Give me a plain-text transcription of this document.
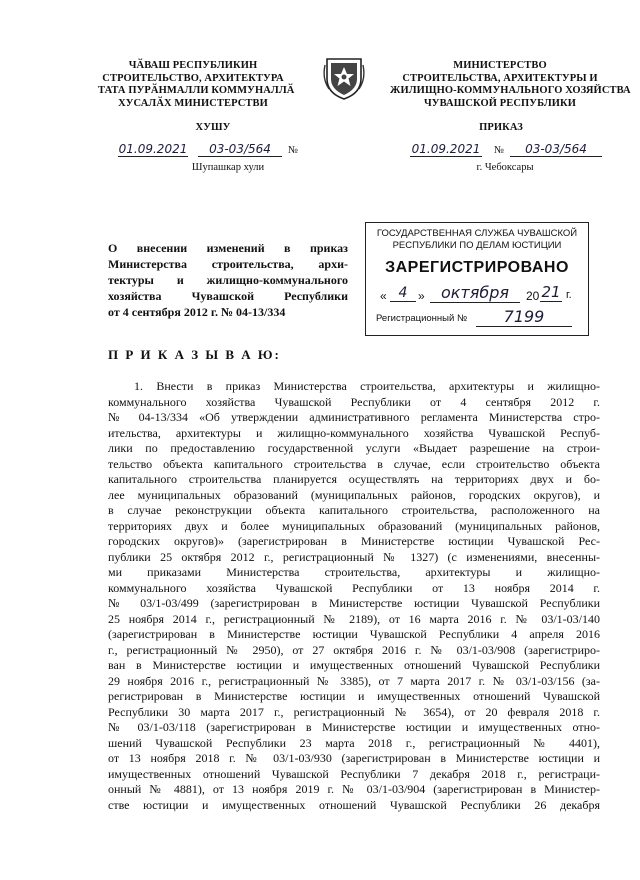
ЧӐВАШ РЕСПУБЛИКИН
СТРОИТЕЛЬСТВО, АРХИТЕКТУРА
ТАТА ПУРӐНМАЛЛИ КОММУНАЛЛӐ
ХУСАЛӐХ МИНИСТЕРСТВИ
МИНИСТЕРСТВО
СТРОИТЕЛЬСТВА, АРХИТЕКТУРЫ И
ЖИЛИЩНО-КОММУНАЛЬНОГО ХОЗЯЙСТВА
ЧУВАШСКОЙ РЕСПУБЛИКИ
ХУШУ	ПРИКАЗ
01.09.2021	03-03/564	№
Шупашкар хули
01.09.2021 №	03-03/564
г. Чебоксары
О внесении изменений в приказ
Министерства строительства, архи-
тектуры и жилищно-коммунального
хозяйства Чувашской Республики
от 4 сентября 2012 г. № 04-13/334
ГОСУДАРСТВЕННАЯ СЛУЖБА ЧУВАШСКОЙ
РЕСПУБЛИКИ ПО ДЕЛАМ ЮСТИЦИИ
ЗАРЕГИСТРИРОВАНО
« 4 »	октября	20 21 г.
Регистрационный №	7199
П Р И К А З Ы В А Ю:
1. Внести в приказ Министерства строительства, архитектуры и жилищно-
коммунального хозяйства Чувашской Республики от 4 сентября 2012 г.
№ 04-13/334 «Об утверждении административного регламента Министерства стро-
ительства, архитектуры и жилищно-коммунального хозяйства Чувашской Респуб-
лики по предоставлению государственной услуги «Выдает разрешение на строи-
тельство объекта капитального строительства в случае, если строительство объекта
капитального строительства планируется осуществлять на территориях двух и бо-
лее муниципальных образований (муниципальных районов, городских округов), и
в случае реконструкции объекта капитального строительства, расположенного на
территориях двух и более муниципальных образований (муниципальных районов,
городских округов)» (зарегистрирован в Министерстве юстиции Чувашской Рес-
публики 25 октября 2012 г., регистрационный № 1327) (с изменениями, внесенны-
ми приказами Министерства строительства, архитектуры и жилищно-
коммунального хозяйства Чувашской Республики от 13 ноября 2014 г.
№ 03/1-03/499 (зарегистрирован в Министерстве юстиции Чувашской Республики
25 ноября 2014 г., регистрационный № 2189), от 16 марта 2016 г. № 03/1-03/140
(зарегистрирован в Министерстве юстиции Чувашской Республики 4 апреля 2016
г., регистрационный № 2950), от 27 октября 2016 г. № 03/1-03/908 (зарегистриро-
ван в Министерстве юстиции и имущественных отношений Чувашской Республики
29 ноября 2016 г., регистрационный № 3385), от 7 марта 2017 г. № 03/1-03/156 (за-
регистрирован в Министерстве юстиции и имущественных отношений Чувашской
Республики 30 марта 2017 г., регистрационный № 3654), от 20 февраля 2018 г.
№ 03/1-03/118 (зарегистрирован в Министерстве юстиции и имущественных отно-
шений Чувашской Республики 23 марта 2018 г., регистрационный № 4401),
от 13 ноября 2018 г. № 03/1-03/930 (зарегистрирован в Министерстве юстиции и
имущественных отношений Чувашской Республики 7 декабря 2018 г., регистраци-
онный № 4881), от 13 ноября 2019 г. № 03/1-03/904 (зарегистрирован в Министер-
стве юстиции и имущественных отношений Чувашской Республики 26 декабря
